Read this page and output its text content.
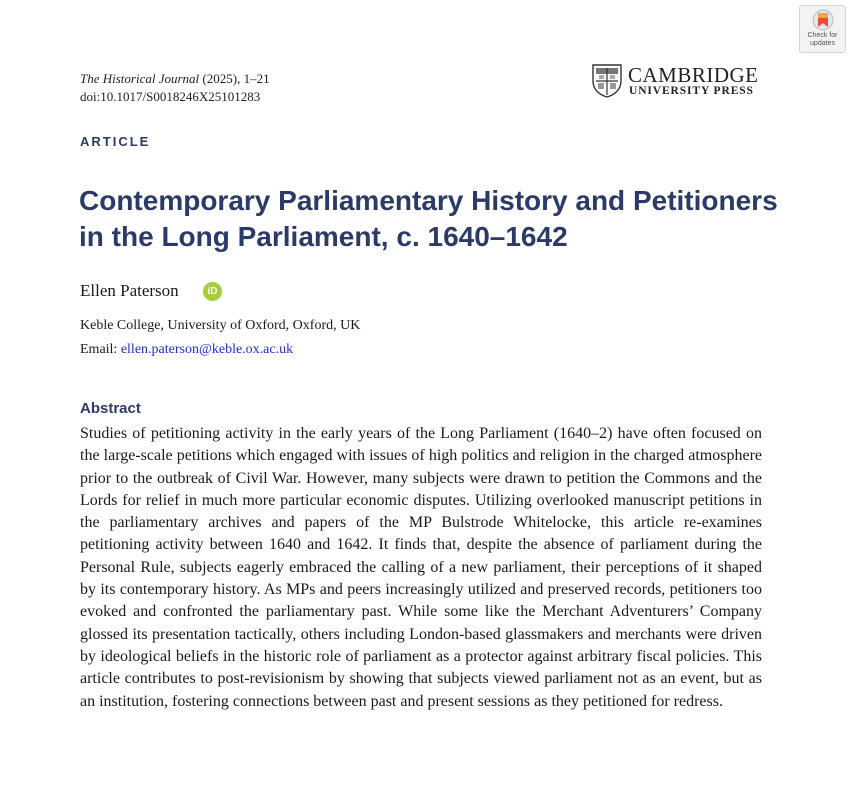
Check for updates
The Historical Journal (2025), 1–21
doi:10.1017/S0018246X25101283
CAMBRIDGE
UNIVERSITY PRESS
ARTICLE
Contemporary Parliamentary History and Petitioners in the Long Parliament, c. 1640–1642
Ellen Paterson	iD
Keble College, University of Oxford, Oxford, UK
Email: ellen.paterson@keble.ox.ac.uk
Abstract

Studies of petitioning activity in the early years of the Long Parliament (1640–2) have often focused on the large-scale petitions which engaged with issues of high politics and religion in the charged atmosphere prior to the outbreak of Civil War. However, many subjects were drawn to petition the Commons and the Lords for relief in much more particular economic disputes. Utilizing overlooked manuscript petitions in the parliamentary archives and papers of the MP Bulstrode Whitelocke, this article re-examines petitioning activity between 1640 and 1642. It finds that, despite the absence of parliament during the Personal Rule, subjects eagerly embraced the calling of a new parliament, their perceptions of it shaped by its contemporary history. As MPs and peers increasingly utilized and preserved records, petitioners too evoked and confronted the parliamentary past. While some like the Merchant Adventurers’ Company glossed its presentation tactically, others including London-based glassmakers and merchants were driven by ideological beliefs in the historic role of parliament as a protector against arbitrary fiscal policies. This article contributes to post-revisionism by showing that subjects viewed parliament not as an event, but as an institution, fostering connections between past and present sessions as they petitioned for redress.
